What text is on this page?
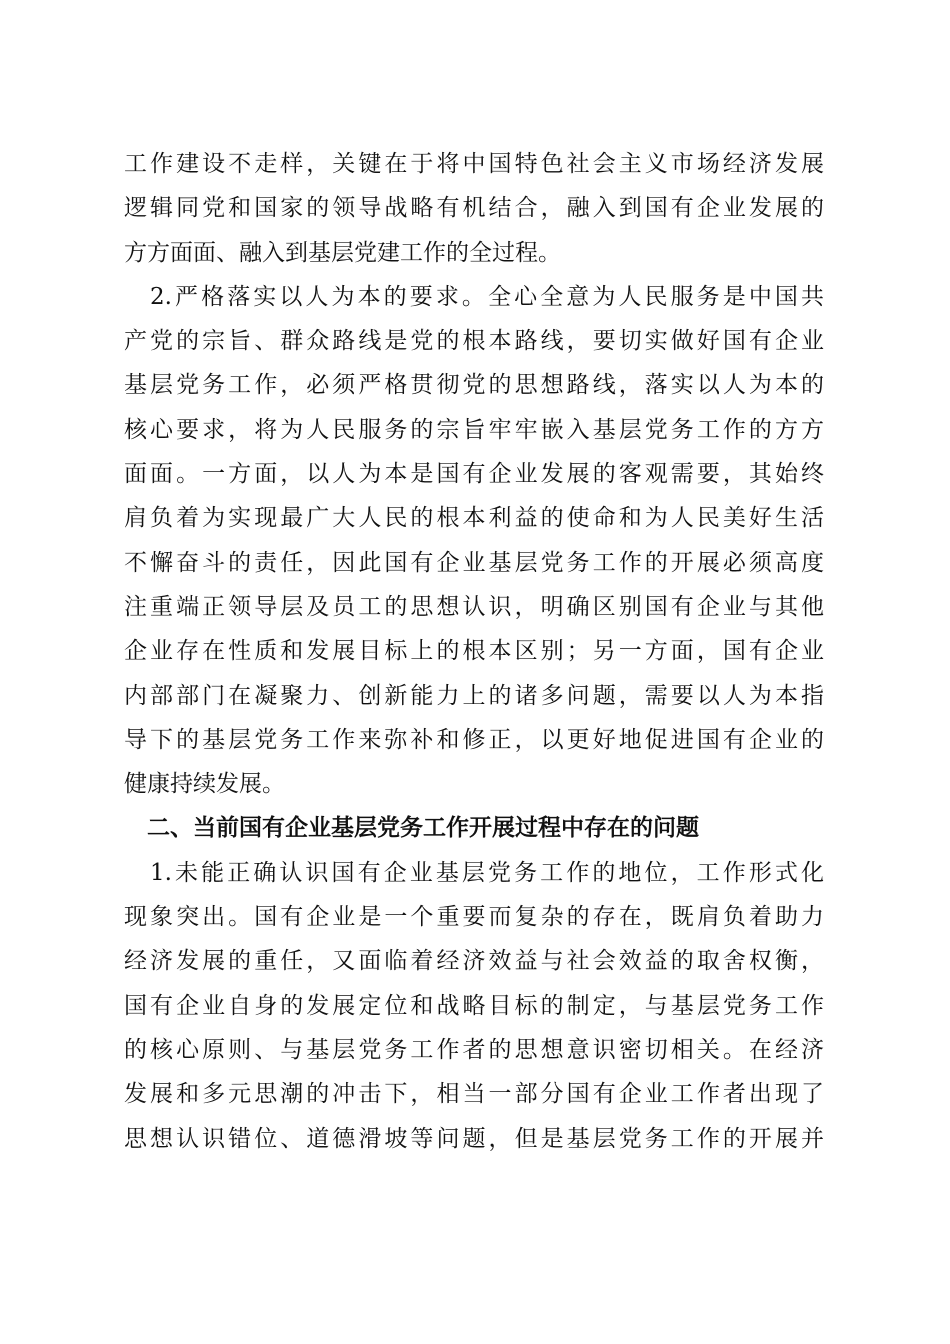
工作建设不走样，关键在于将中国特色社会主义市场经济发展
逻辑同党和国家的领导战略有机结合，融入到国有企业发展的
方方面面、融入到基层党建工作的全过程。

2.严格落实以人为本的要求。全心全意为人民服务是中国共
产党的宗旨、群众路线是党的根本路线，要切实做好国有企业
基层党务工作，必须严格贯彻党的思想路线，落实以人为本的
核心要求，将为人民服务的宗旨牢牢嵌入基层党务工作的方方
面面。一方面，以人为本是国有企业发展的客观需要，其始终
肩负着为实现最广大人民的根本利益的使命和为人民美好生活
不懈奋斗的责任，因此国有企业基层党务工作的开展必须高度
注重端正领导层及员工的思想认识，明确区别国有企业与其他
企业存在性质和发展目标上的根本区别；另一方面，国有企业
内部部门在凝聚力、创新能力上的诸多问题，需要以人为本指
导下的基层党务工作来弥补和修正，以更好地促进国有企业的
健康持续发展。

二、当前国有企业基层党务工作开展过程中存在的问题

1.未能正确认识国有企业基层党务工作的地位，工作形式化
现象突出。国有企业是一个重要而复杂的存在，既肩负着助力
经济发展的重任，又面临着经济效益与社会效益的取舍权衡，
国有企业自身的发展定位和战略目标的制定，与基层党务工作
的核心原则、与基层党务工作者的思想意识密切相关。在经济
发展和多元思潮的冲击下，相当一部分国有企业工作者出现了
思想认识错位、道德滑坡等问题，但是基层党务工作的开展并
